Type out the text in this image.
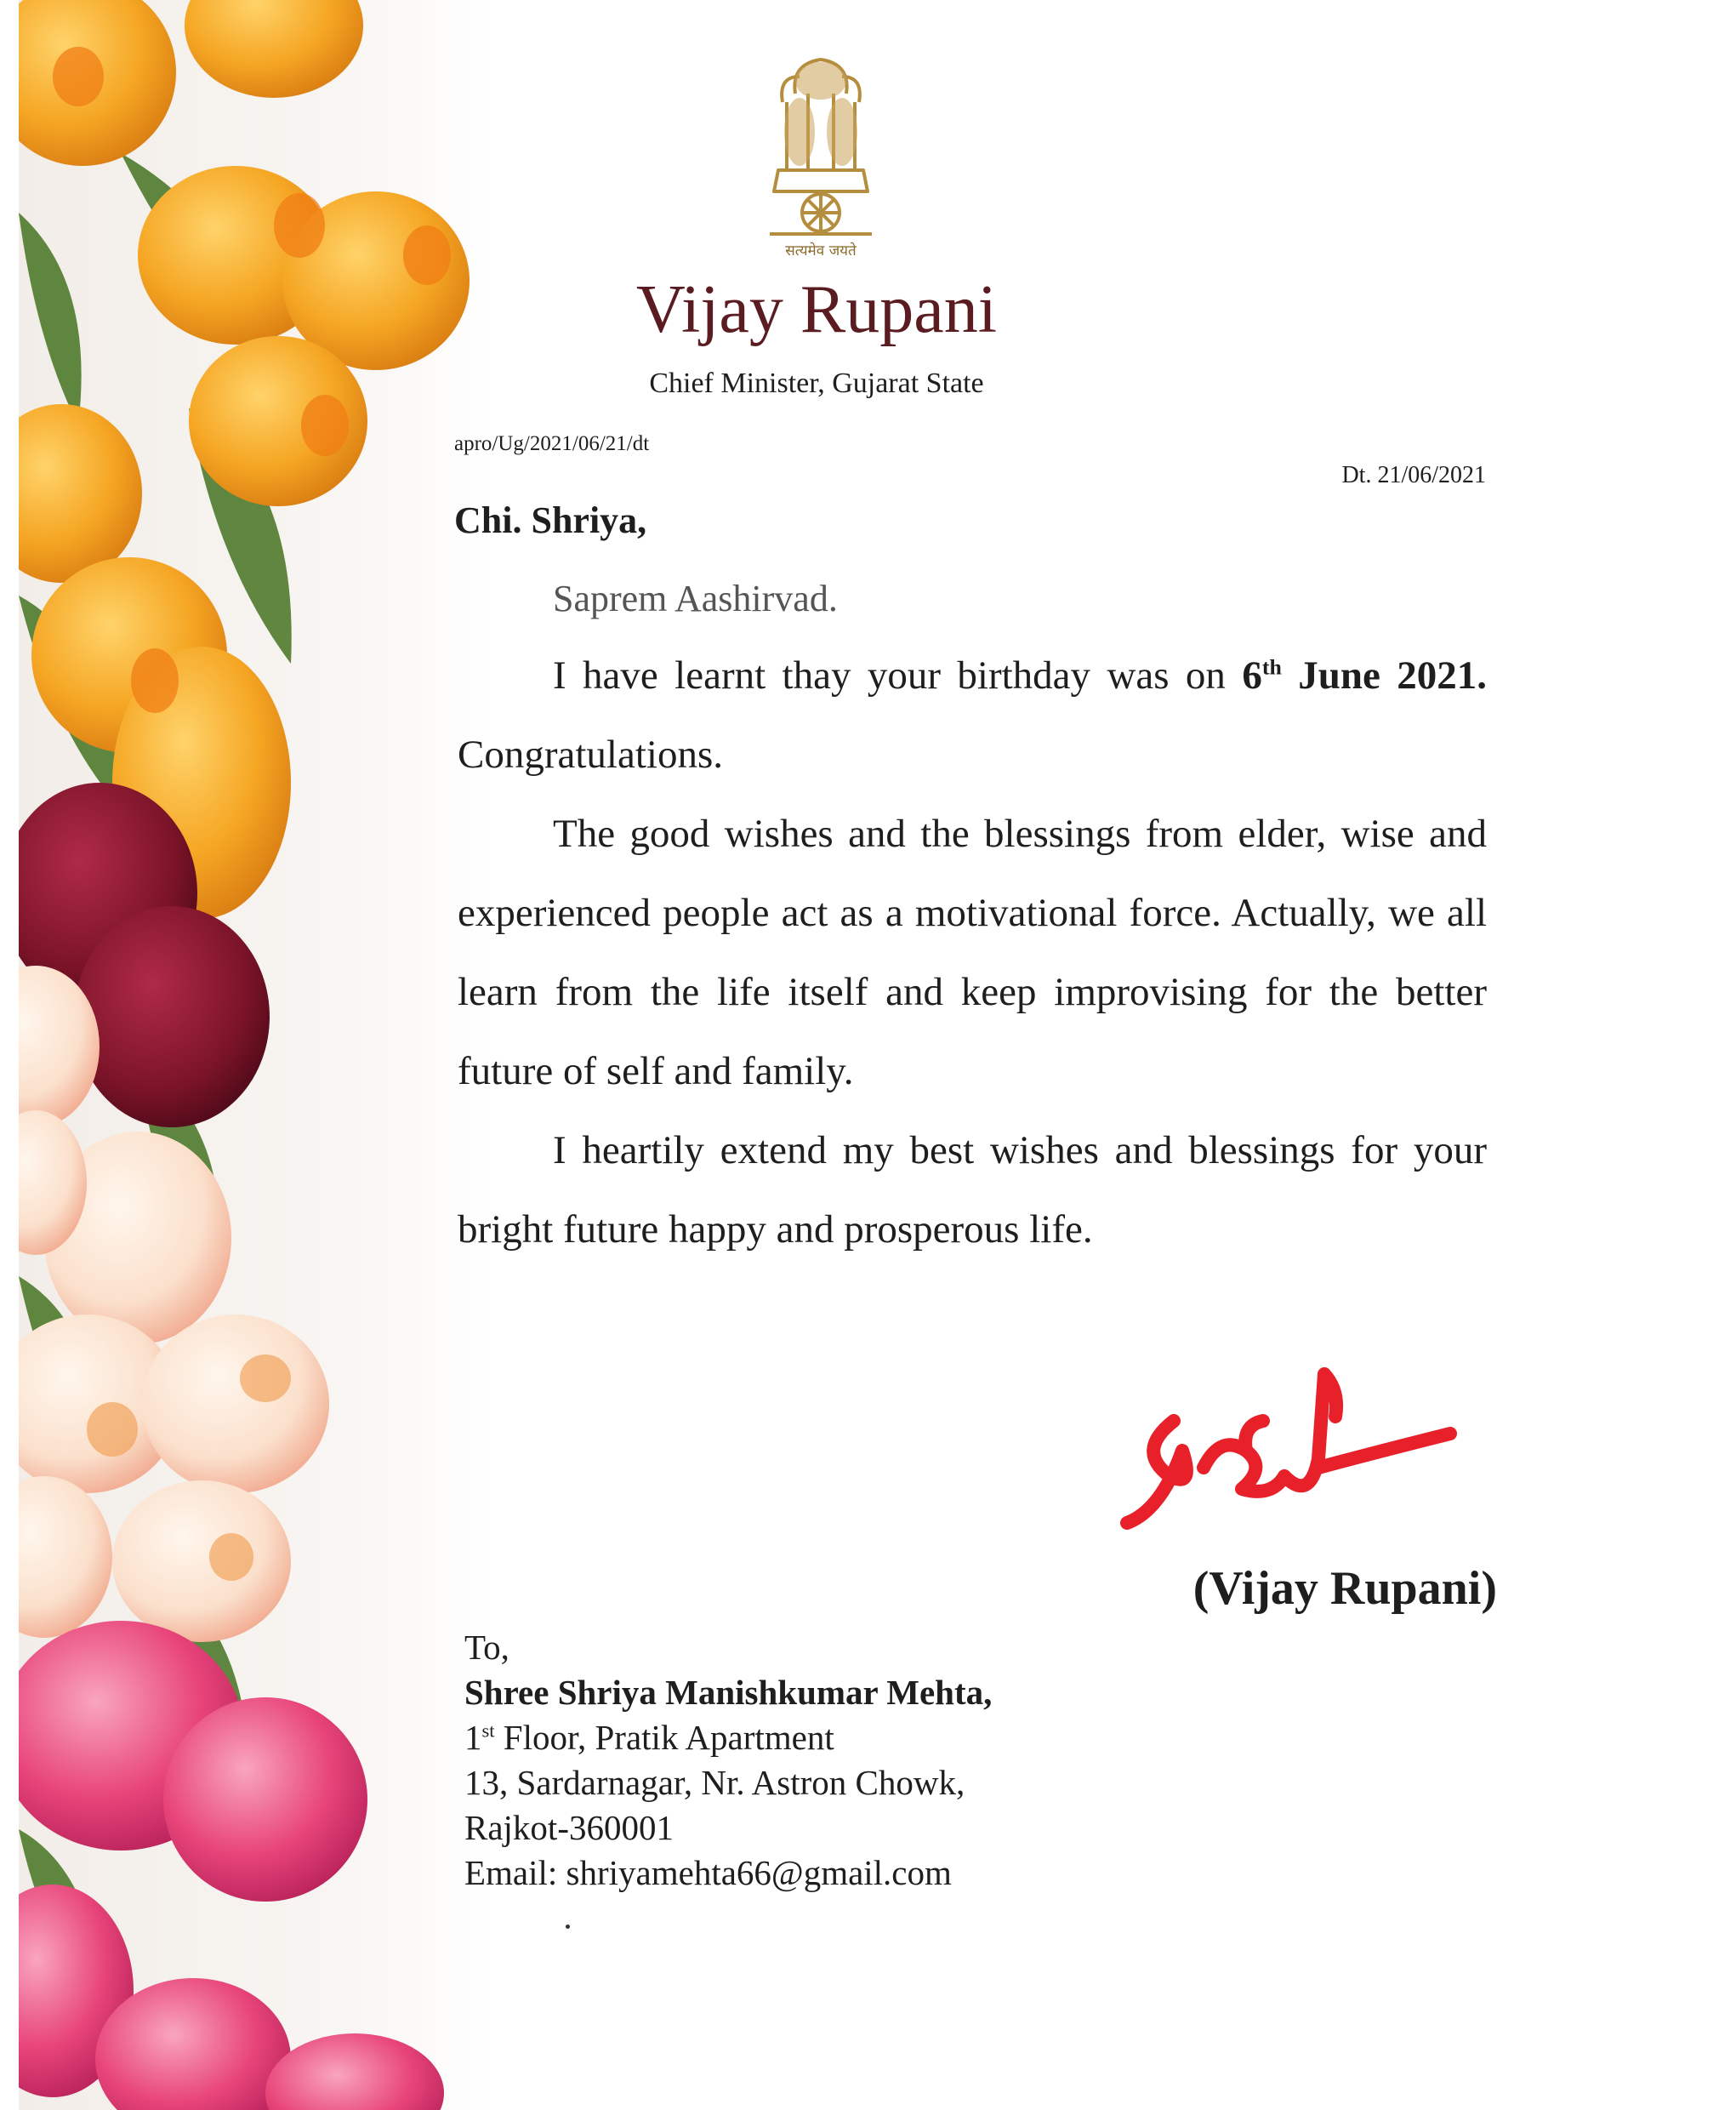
सत्यमेव जयते
Vijay Rupani
Chief Minister, Gujarat State
apro/Ug/2021/06/21/dt
Dt. 21/06/2021
Chi. Shriya,
Saprem Aashirvad.

I have learnt thay your birthday was on 6th June 2021. Congratulations.

The good wishes and the blessings from elder, wise and experienced people act as a motivational force. Actually, we all learn from the life itself and keep improvising for the better future of self and family.

I heartily extend my best wishes and blessings for your bright future happy and prosperous life.

(Vijay Rupani)
To,
Shree Shriya Manishkumar Mehta,
1st Floor, Pratik Apartment
13, Sardarnagar, Nr. Astron Chowk,
Rajkot-360001
Email: shriyamehta66@gmail.com
